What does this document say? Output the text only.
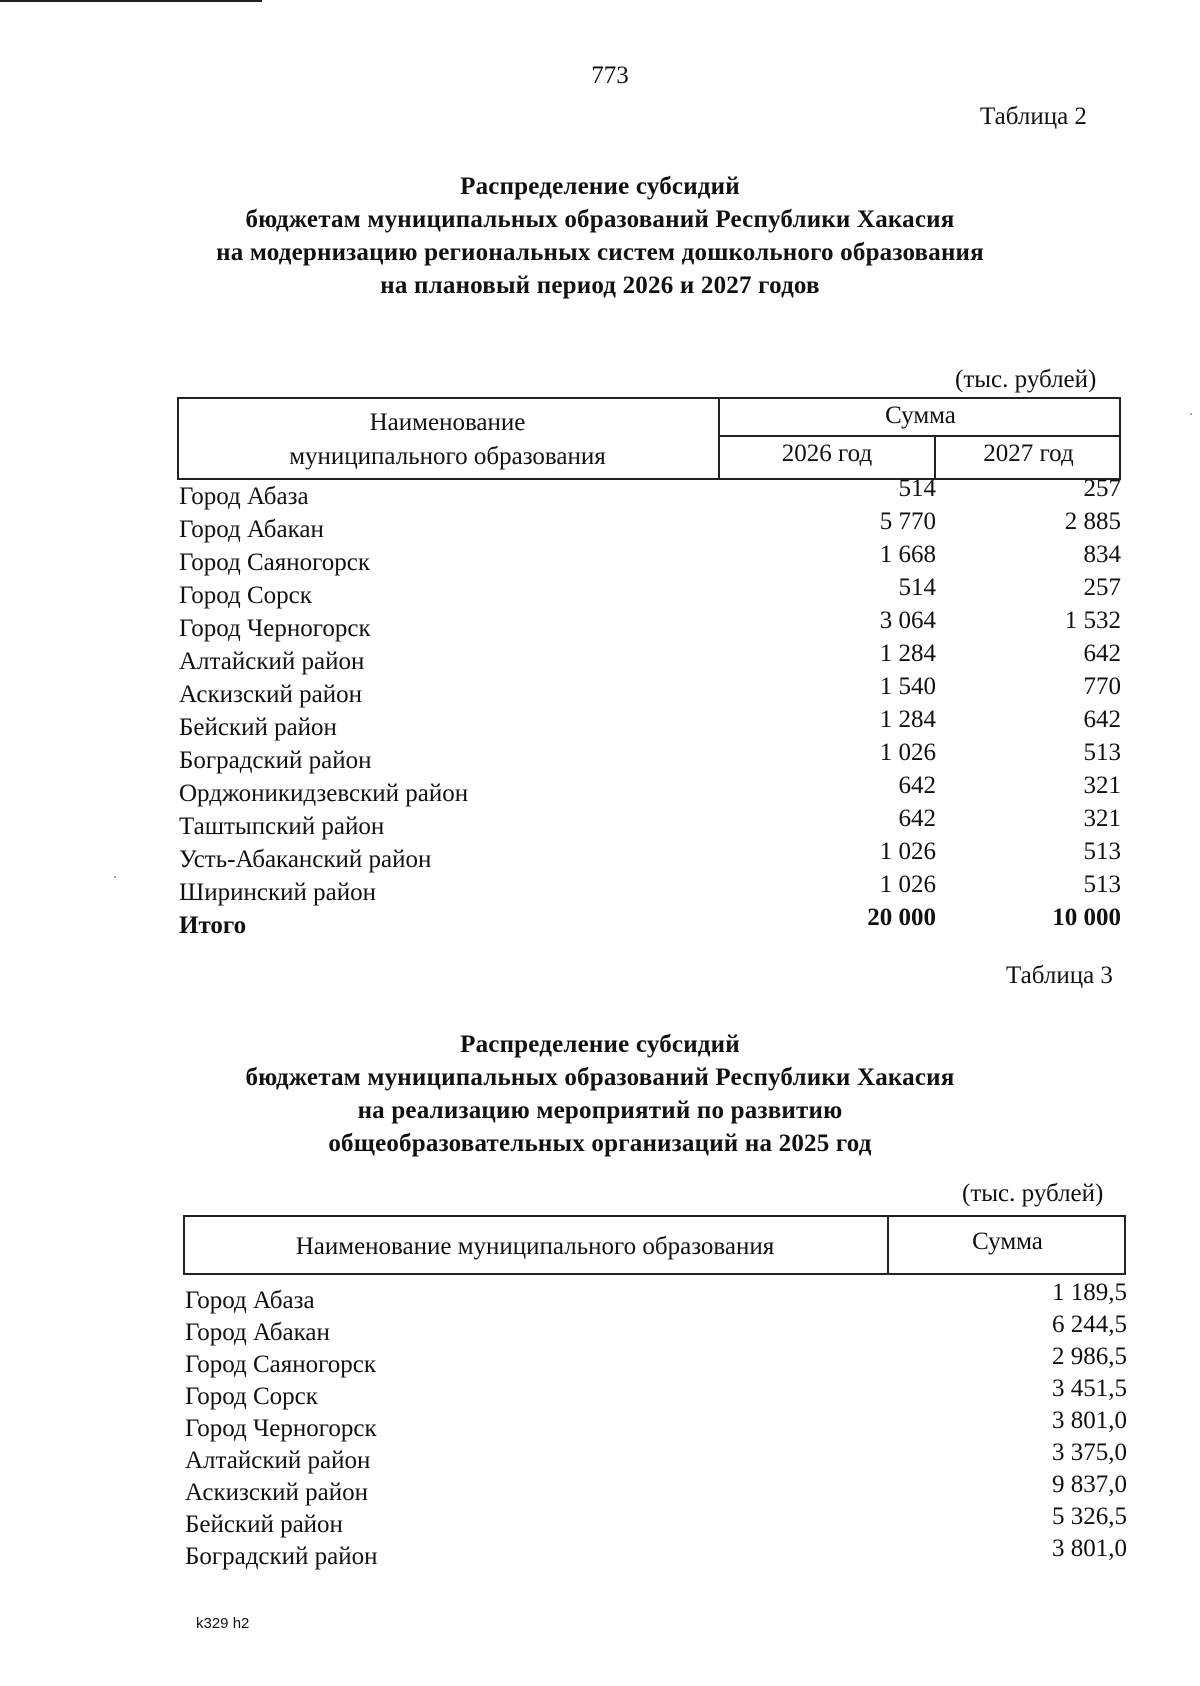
773
Таблица 2
Распределение субсидий
бюджетам муниципальных образований Республики Хакасия
на модернизацию региональных систем дошкольного образования
на плановый период 2026 и 2027 годов
(тыс. рублей)
Наименование
муниципального образования
Сумма
2026 год	2027 год
Город Абаза	514	257
Город Абакан	5 770	2 885
Город Саяногорск	1 668	834
Город Сорск	514	257
Город Черногорск	3 064	1 532
Алтайский район	1 284	642
Аскизский район	1 540	770
Бейский район	1 284	642
Боградский район	1 026	513
Орджоникидзевский район	642	321
Таштыпский район	642	321
Усть-Абаканский район	1 026	513
Ширинский район	1 026	513
Итого	20 000	10 000
Таблица 3
Распределение субсидий
бюджетам муниципальных образований Республики Хакасия
на реализацию мероприятий по развитию
общеобразовательных организаций на 2025 год
(тыс. рублей)
Наименование муниципального образования	Сумма
Город Абаза	1 189,5
Город Абакан	6 244,5
Город Саяногорск	2 986,5
Город Сорск	3 451,5
Город Черногорск	3 801,0
Алтайский район	3 375,0
Аскизский район	9 837,0
Бейский район	5 326,5
Боградский район	3 801,0
k329 h2
